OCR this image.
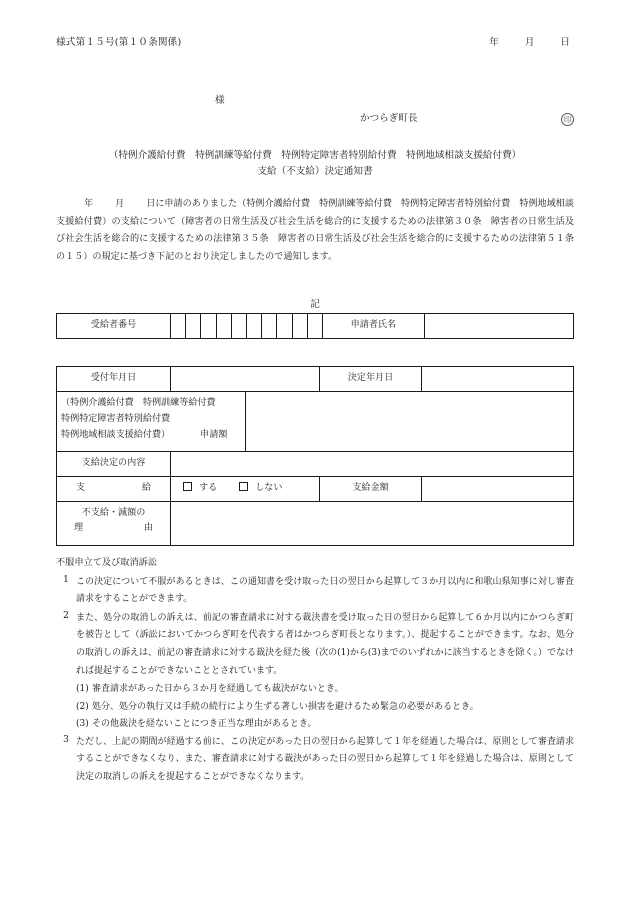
様式第１５号(第１０条関係)	年	月	日
様
かつらぎ町長	印
（特例介護給付費　特例訓練等給付費　特例特定障害者特別給付費　特例地域相談支援給付費）
支給（不支給）決定通知書
年 月 日に申請のありました（特例介護給付費　特例訓練等給付費　特例特定障害者特別給付費　特例地域相談支援給付費）の支給について（障害者の日常生活及び社会生活を総合的に支援するための法律第３０条　障害者の日常生活及び社会生活を総合的に支援するための法律第３５条　障害者の日常生活及び社会生活を総合的に支援するための法律第５１条の１５）の規定に基づき下記のとおり決定しましたので通知します。
記
受給者番号											申請者氏名	
受付年月日			決定年月日	

（特例介護給付費　特例訓練等給付費
特例特定障害者特別給付費
特例地域相談支援給付費） 申請額				

支給決定の内容				

支 給	する しない		支給金額	

不支給・減額の
理 由				

不服申立て及び取消訴訟
1 この決定について不服があるときは、この通知書を受け取った日の翌日から起算して３か月以内に和歌山県知事に対し審査請求をすることができます。
2 また、処分の取消しの訴えは、前記の審査請求に対する裁決書を受け取った日の翌日から起算して６か月以内にかつらぎ町を被告として（訴訟においてかつらぎ町を代表する者はかつらぎ町長となります。）、提起することができます。なお、処分の取消しの訴えは、前記の審査請求に対する裁決を経た後（次の(1)から(3)までのいずれかに該当するときを除く。）でなければ提起することができないこととされています。
(1) 審査請求があった日から３か月を経過しても裁決がないとき。
(2) 処分、処分の執行又は手続の続行により生ずる著しい損害を避けるため緊急の必要があるとき。
(3) その他裁決を経ないことにつき正当な理由があるとき。
3 ただし、上記の期間が経過する前に、この決定があった日の翌日から起算して１年を経過した場合は、原則として審査請求することができなくなり、また、審査請求に対する裁決があった日の翌日から起算して１年を経過した場合は、原則として決定の取消しの訴えを提起することができなくなります。
